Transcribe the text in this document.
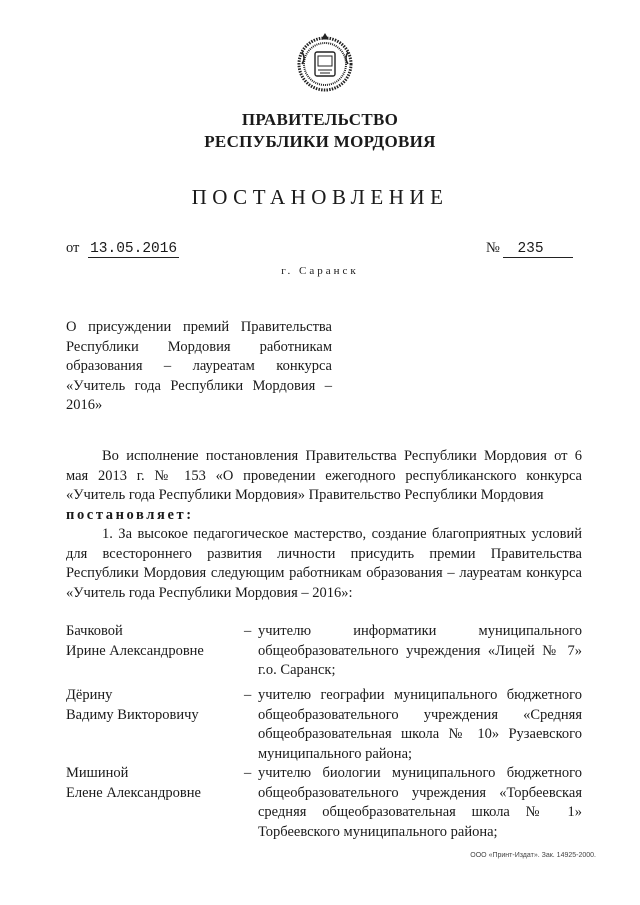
ПРАВИТЕЛЬСТВО
РЕСПУБЛИКИ МОРДОВИЯ
ПОСТАНОВЛЕНИЕ
от 13.05.2016	№ 235
г. Саранск
О присуждении премий Правительства Республики Мордовия работникам образования – лауреатам конкурса «Учитель года Республики Мордовия – 2016»

Во исполнение постановления Правительства Республики Мордовия от 6 мая 2013 г. № 153 «О проведении ежегодного республиканского конкурса «Учитель года Республики Мордовия» Правительство Республики Мордовия

постановляет:

1. За высокое педагогическое мастерство, создание благоприятных условий для всестороннего развития личности присудить премии Правительства Республики Мордовия следующим работникам образования – лауреатам конкурса «Учитель года Республики Мордовия – 2016»:

Бачковой
Ирине Александровне
– учителю информатики муниципального общеобразовательного учреждения «Лицей № 7» г.о. Саранск;
Дёрину
Вадиму Викторовичу
– учителю географии муниципального бюджетного общеобразовательного учреждения «Средняя общеобразовательная школа № 10» Рузаевского муниципального района;
Мишиной
Елене Александровне
– учителю биологии муниципального бюджетного общеобразовательного учреждения «Торбеевская средняя общеобразовательная школа № 1» Торбеевского муниципального района;
ООО «Принт-Издат». Зак. 14925-2000.
